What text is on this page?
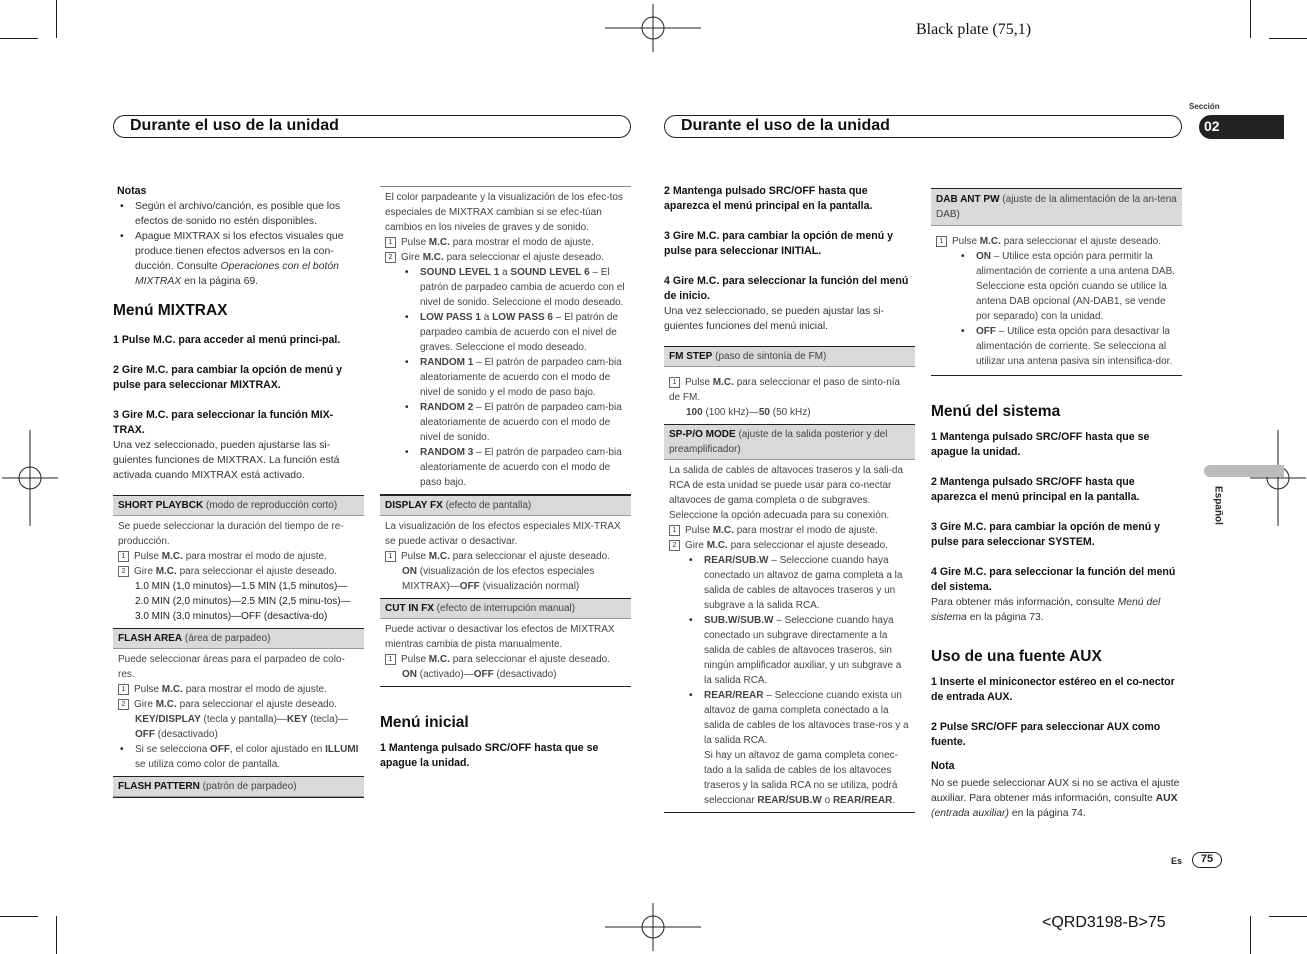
Black plate (75,1)
<QRD3198-B>75
Sección
02
Español
Durante el uso de la unidad	Durante el uso de la unidad
Es	75

Notas

• Según el archivo/canción, es posible que los efectos de sonido no estén disponibles.
• Apague MIXTRAX si los efectos visuales que produce tienen efectos adversos en la con-ducción. Consulte Operaciones con el botón MIXTRAX en la página 69.

Menú MIXTRAX

1 Pulse M.C. para acceder al menú princi-pal.

2 Gire M.C. para cambiar la opción de menú y pulse para seleccionar MIXTRAX.

3 Gire M.C. para seleccionar la función MIX-TRAX.

Una vez seleccionado, pueden ajustarse las si-guientes funciones de MIXTRAX. La función está activada cuando MIXTRAX está activado.

SHORT PLAYBCK (modo de reproducción corto)

Se puede seleccionar la duración del tiempo de re-producción.

1 Pulse M.C. para mostrar el modo de ajuste.

2 Gire M.C. para seleccionar el ajuste deseado.

1.0 MIN (1,0 minutos)—1.5 MIN (1,5 minutos)—2.0 MIN (2,0 minutos)—2.5 MIN (2,5 minu-tos)—3.0 MIN (3,0 minutos)—OFF (desactiva-do)

FLASH AREA (área de parpadeo)

Puede seleccionar áreas para el parpadeo de colo-res.

1 Pulse M.C. para mostrar el modo de ajuste.

2 Gire M.C. para seleccionar el ajuste deseado.

KEY/DISPLAY (tecla y pantalla)—KEY (tecla)—OFF (desactivado)

• Si se selecciona OFF, el color ajustado en ILLUMI se utiliza como color de pantalla.
FLASH PATTERN (patrón de parpadeo)

El color parpadeante y la visualización de los efec-tos especiales de MIXTRAX cambian si se efec-túan cambios en los niveles de graves y de sonido.

1 Pulse M.C. para mostrar el modo de ajuste.

2 Gire M.C. para seleccionar el ajuste deseado.

• SOUND LEVEL 1 a SOUND LEVEL 6 – El patrón de parpadeo cambia de acuerdo con el nivel de sonido. Seleccione el modo deseado.
• LOW PASS 1 a LOW PASS 6 – El patrón de parpadeo cambia de acuerdo con el nivel de graves. Seleccione el modo deseado.
• RANDOM 1 – El patrón de parpadeo cam-bia aleatoriamente de acuerdo con el modo de nivel de sonido y el modo de paso bajo.
• RANDOM 2 – El patrón de parpadeo cam-bia aleatoriamente de acuerdo con el modo de nivel de sonido.
• RANDOM 3 – El patrón de parpadeo cam-bia aleatoriamente de acuerdo con el modo de paso bajo.
DISPLAY FX (efecto de pantalla)

La visualización de los efectos especiales MIX-TRAX se puede activar o desactivar.

1 Pulse M.C. para seleccionar el ajuste deseado.

ON (visualización de los efectos especiales MIXTRAX)—OFF (visualización normal)

CUT IN FX (efecto de interrupción manual)

Puede activar o desactivar los efectos de MIXTRAX mientras cambia de pista manualmente.

1 Pulse M.C. para seleccionar el ajuste deseado.

ON (activado)—OFF (desactivado)

Menú inicial

1 Mantenga pulsado SRC/OFF hasta que se apague la unidad.

2 Mantenga pulsado SRC/OFF hasta que aparezca el menú principal en la pantalla.

3 Gire M.C. para cambiar la opción de menú y pulse para seleccionar INITIAL.

4 Gire M.C. para seleccionar la función del menú de inicio.

Una vez seleccionado, se pueden ajustar las si-guientes funciones del menú inicial.

FM STEP (paso de sintonía de FM)

1 Pulse M.C. para seleccionar el paso de sinto-nía de FM.

100 (100 kHz)—50 (50 kHz)

SP-P/O MODE (ajuste de la salida posterior y del preamplificador)

La salida de cables de altavoces traseros y la sali-da RCA de esta unidad se puede usar para co-nectar altavoces de gama completa o de subgraves. Seleccione la opción adecuada para su conexión.

1 Pulse M.C. para mostrar el modo de ajuste.

2 Gire M.C. para seleccionar el ajuste deseado.

• REAR/SUB.W – Seleccione cuando haya conectado un altavoz de gama completa a la salida de cables de altavoces traseros y un subgrave a la salida RCA.
• SUB.W/SUB.W – Seleccione cuando haya conectado un subgrave directamente a la salida de cables de altavoces traseros, sin ningún amplificador auxiliar, y un subgrave a la salida RCA.
• REAR/REAR – Seleccione cuando exista un altavoz de gama completa conectado a la salida de cables de los altavoces trase-ros y a la salida RCA.
Si hay un altavoz de gama completa conec-tado a la salida de cables de los altavoces traseros y la salida RCA no se utiliza, podrá seleccionar REAR/SUB.W o REAR/REAR.
DAB ANT PW (ajuste de la alimentación de la an-tena DAB)

1 Pulse M.C. para seleccionar el ajuste deseado.

• ON – Utilice esta opción para permitir la alimentación de corriente a una antena DAB. Seleccione esta opción cuando se utilice la antena DAB opcional (AN-DAB1, se vende por separado) con la unidad.
• OFF – Utilice esta opción para desactivar la alimentación de corriente. Se selecciona al utilizar una antena pasiva sin intensifica-dor.

Menú del sistema

1 Mantenga pulsado SRC/OFF hasta que se apague la unidad.

2 Mantenga pulsado SRC/OFF hasta que aparezca el menú principal en la pantalla.

3 Gire M.C. para cambiar la opción de menú y pulse para seleccionar SYSTEM.

4 Gire M.C. para seleccionar la función del menú del sistema.

Para obtener más información, consulte Menú del sistema en la página 73.

Uso de una fuente AUX

1 Inserte el miniconector estéreo en el co-nector de entrada AUX.

2 Pulse SRC/OFF para seleccionar AUX como fuente.

Nota

No se puede seleccionar AUX si no se activa el ajuste auxiliar. Para obtener más información, consulte AUX (entrada auxiliar) en la página 74.
